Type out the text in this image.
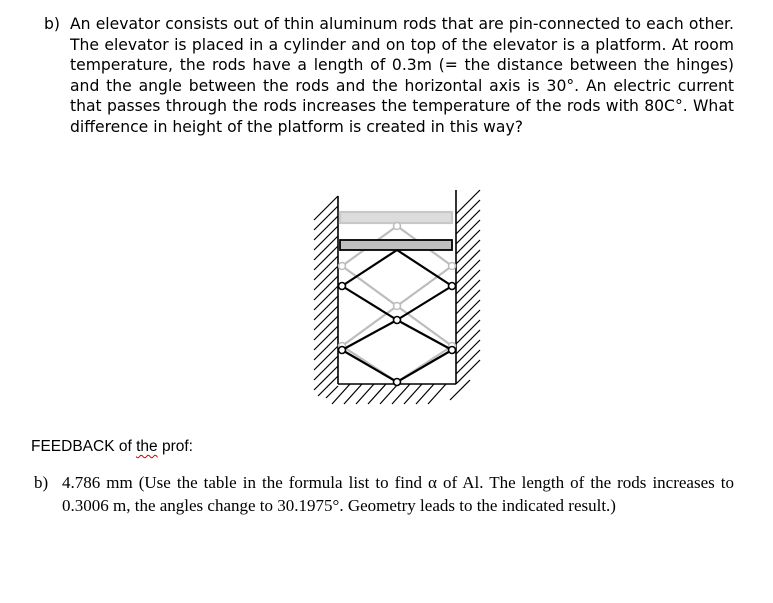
b) An elevator consists out of thin aluminum rods that are pin-connected to each other. The elevator is placed in a cylinder and on top of the elevator is a platform. At room temperature, the rods have a length of 0.3m (= the distance between the hinges) and the angle between the rods and the horizontal axis is 30°. An electric current that passes through the rods increases the temperature of the rods with 80C°. What difference in height of the platform is created in this way?
FEEDBACK of the prof:
b) 4.786 mm (Use the table in the formula list to find α of Al. The length of the rods increases to 0.3006 m, the angles change to 30.1975°. Geometry leads to the indicated result.)
